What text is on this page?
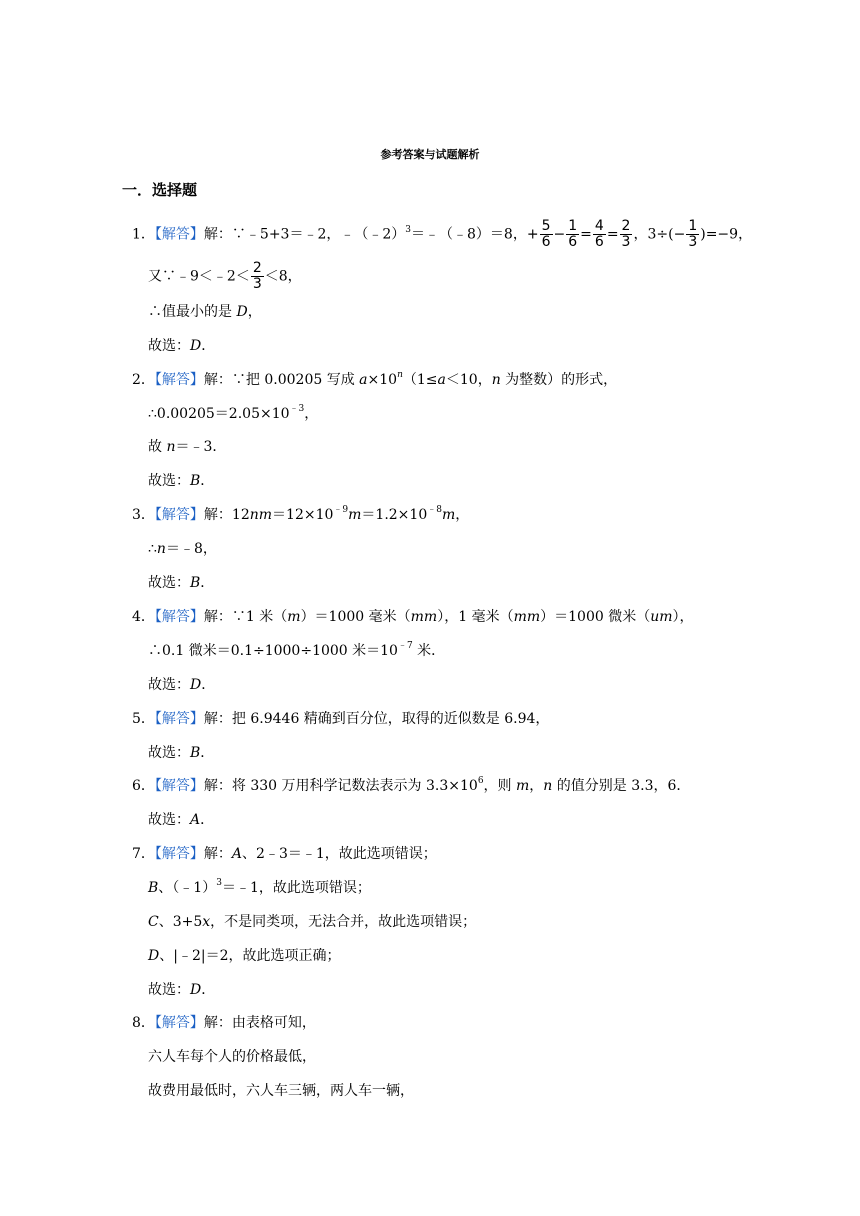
参考答案与试题解析
一．选择题
1．【解答】解：∵﹣5+3＝﹣2，﹣（﹣2）$^3$＝﹣（﹣8）＝8，+ $\frac{5}{6} - \frac{1}{6} = \frac{4}{6} = \frac{2}{3}$ ，$3\div(- \frac{1}{3} )=-9$，
又∵﹣9＜﹣2＜ $\frac{2}{3} <8$，
∴值最小的是 D，
故选：D．
2．【解答】解：∵把 0.00205 写成 $a\times 10^n(1\le a<10$，n 为整数）的形式，
$\therefore 0.00205=2.05\times 10^{﹣3}$，
故 n＝﹣3．
故选：B．
3．【解答】解：$12nm=12\times 10^{﹣9}m=1.2\times 10^{﹣8}m$，
∴n＝﹣8，
故选：B．
4．【解答】解：∵1 米（m）＝1000 毫米（mm），1 毫米（mm）＝1000 微米（um），
∴0.1 微米＝0.1÷1000÷1000 米$=10^{﹣7}$ 米．
故选：D．
5．【解答】解：把 6.9446 精确到百分位，取得的近似数是 6.94，
故选：B．
6．【解答】解：将 330 万用科学记数法表示为 $3.3\times 10^6$，则 m，n 的值分别是 3.3，6．
故选：A．
7．【解答】解：A、2﹣3＝﹣1，故此选项错误；
B、（﹣1）$^3$＝﹣1，故此选项错误；
C、3+5x，不是同类项，无法合并，故此选项错误；
D、|﹣2|＝2，故此选项正确；
故选：D．
8．【解答】解：由表格可知，
六人车每个人的价格最低，
故费用最低时，六人车三辆，两人车一辆，
